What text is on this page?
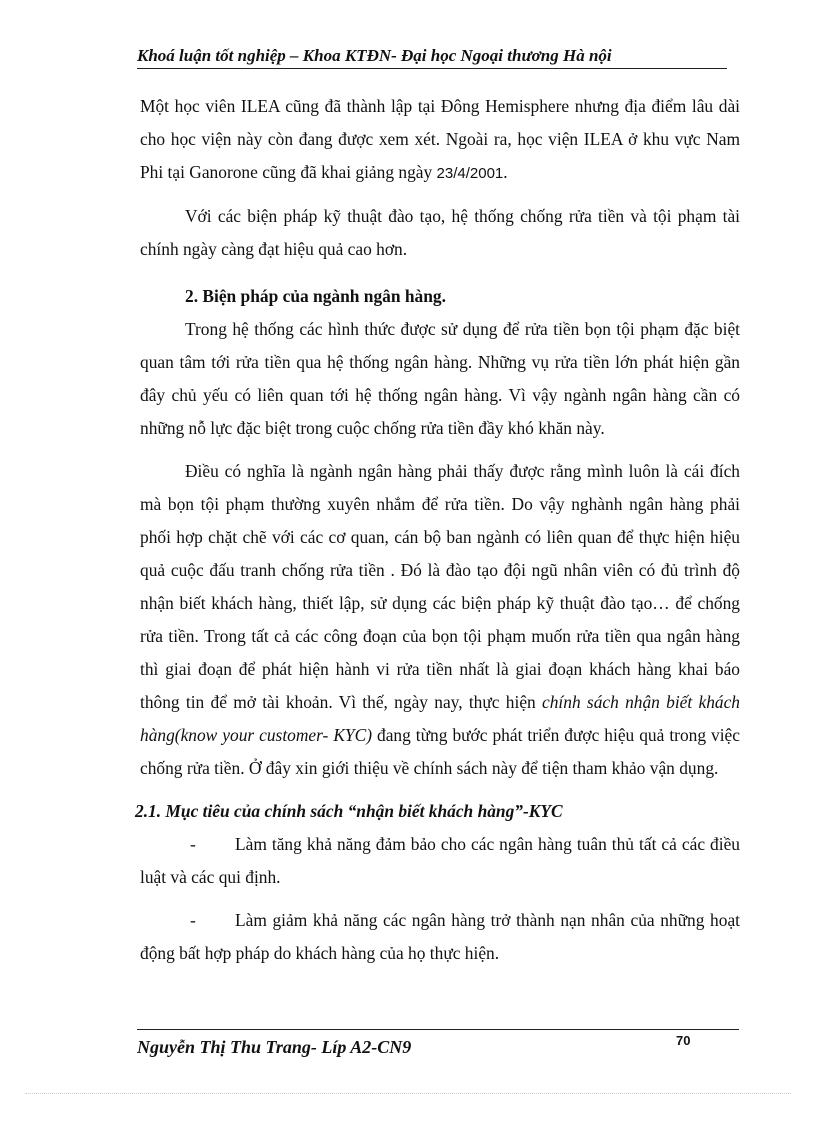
Khoá luận tốt nghiệp – Khoa KTĐN- Đại học Ngoại thương Hà nội

Một học viên ILEA cũng đã thành lập tại Đông Hemisphere nhưng địa điểm lâu dài cho học viện này còn đang được xem xét. Ngoài ra, học viện ILEA ở khu vực Nam Phi tại Ganorone cũng đã khai giảng ngày 23/4/2001.

Với các biện pháp kỹ thuật đào tạo, hệ thống chống rửa tiền và tội phạm tài chính ngày càng đạt hiệu quả cao hơn.

2. Biện pháp của ngành ngân hàng.

Trong hệ thống các hình thức được sử dụng để rửa tiền bọn tội phạm đặc biệt quan tâm tới rửa tiền qua hệ thống ngân hàng. Những vụ rửa tiền lớn phát hiện gần đây chủ yếu có liên quan tới hệ thống ngân hàng. Vì vậy ngành ngân hàng cần có những nỗ lực đặc biệt trong cuộc chống rửa tiền đầy khó khăn này.

Điều có nghĩa là ngành ngân hàng phải thấy được rằng mình luôn là cái đích mà bọn tội phạm thường xuyên nhắm để rửa tiền. Do vậy nghành ngân hàng phải phối hợp chặt chẽ với các cơ quan, cán bộ ban ngành có liên quan để thực hiện hiệu quả cuộc đấu tranh chống rửa tiền . Đó là đào tạo đội ngũ nhân viên có đủ trình độ nhận biết khách hàng, thiết lập, sử dụng các biện pháp kỹ thuật đào tạo… để chống rửa tiền. Trong tất cả các công đoạn của bọn tội phạm muốn rửa tiền qua ngân hàng thì giai đoạn để phát hiện hành vi rửa tiền nhất là giai đoạn khách hàng khai báo thông tin để mở tài khoản. Vì thế, ngày nay, thực hiện chính sách nhận biết khách hàng(know your customer- KYC) đang từng bước phát triển được hiệu quả trong việc chống rửa tiền. Ở đây xin giới thiệu về chính sách này để tiện tham khảo vận dụng.

2.1. Mục tiêu của chính sách “nhận biết khách hàng”-KYC

-	Làm tăng khả năng đảm bảo cho các ngân hàng tuân thủ tất cả các điều luật và các qui định.

-	Làm giảm khả năng các ngân hàng trở thành nạn nhân của những hoạt động bất hợp pháp do khách hàng của họ thực hiện.

Nguyễn Thị Thu Trang- Líp A2-CN9	70
